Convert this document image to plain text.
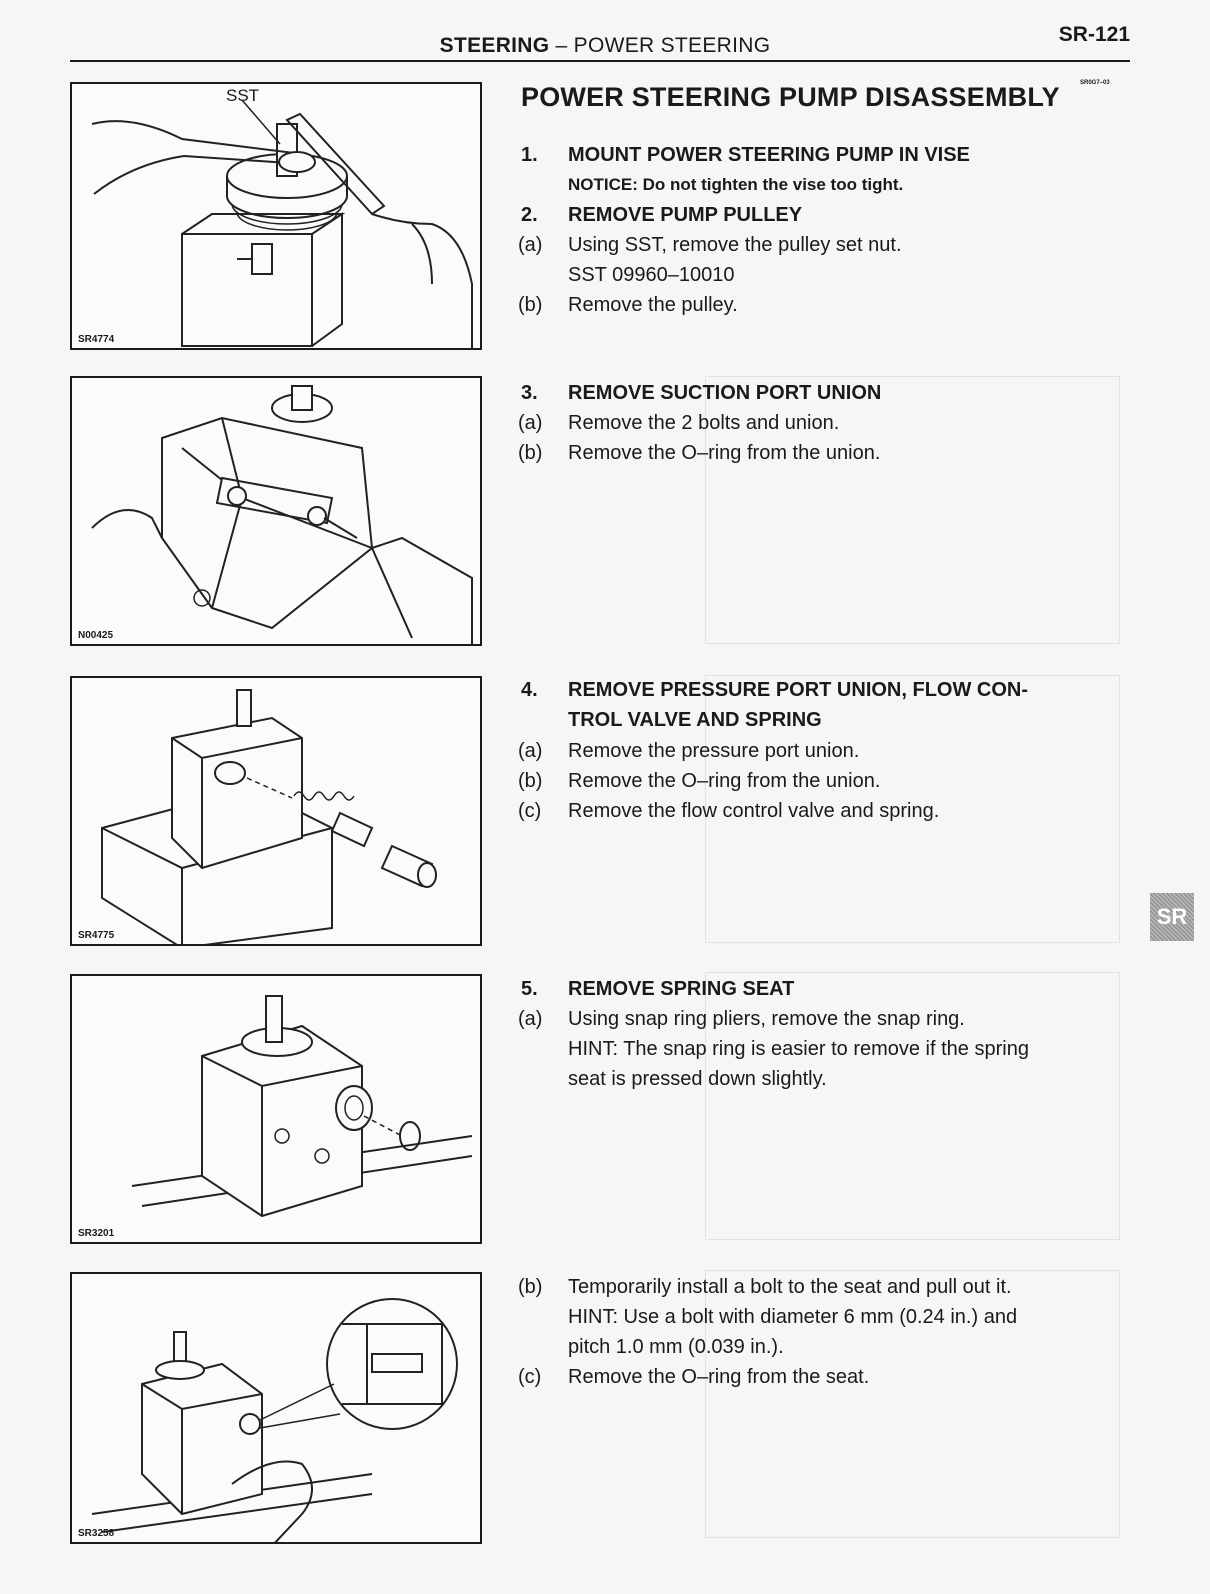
STEERING – POWER STEERING	SR-121
SST
SR4774
N00425
SR4775
SR3201
SR3258
POWER STEERING PUMP DISASSEMBLY	SR0G7–03
1.	MOUNT POWER STEERING PUMP IN VISE
NOTICE: Do not tighten the vise too tight.
2.	REMOVE PUMP PULLEY
(a)	Using SST, remove the pulley set nut.
SST 09960–10010
(b)	Remove the pulley.
3.	REMOVE SUCTION PORT UNION
(a)	Remove the 2 bolts and union.
(b)	Remove the O–ring from the union.
4.	REMOVE PRESSURE PORT UNION, FLOW CON-
TROL VALVE AND SPRING
(a)	Remove the pressure port union.
(b)	Remove the O–ring from the union.
(c)	Remove the flow control valve and spring.
5.	REMOVE SPRING SEAT
(a)	Using snap ring pliers, remove the snap ring.
HINT: The snap ring is easier to remove if the spring
seat is pressed down slightly.
(b)	Temporarily install a bolt to the seat and pull out it.
HINT: Use a bolt with diameter 6 mm (0.24 in.) and
pitch 1.0 mm (0.039 in.).
(c)	Remove the O–ring from the seat.
SR
